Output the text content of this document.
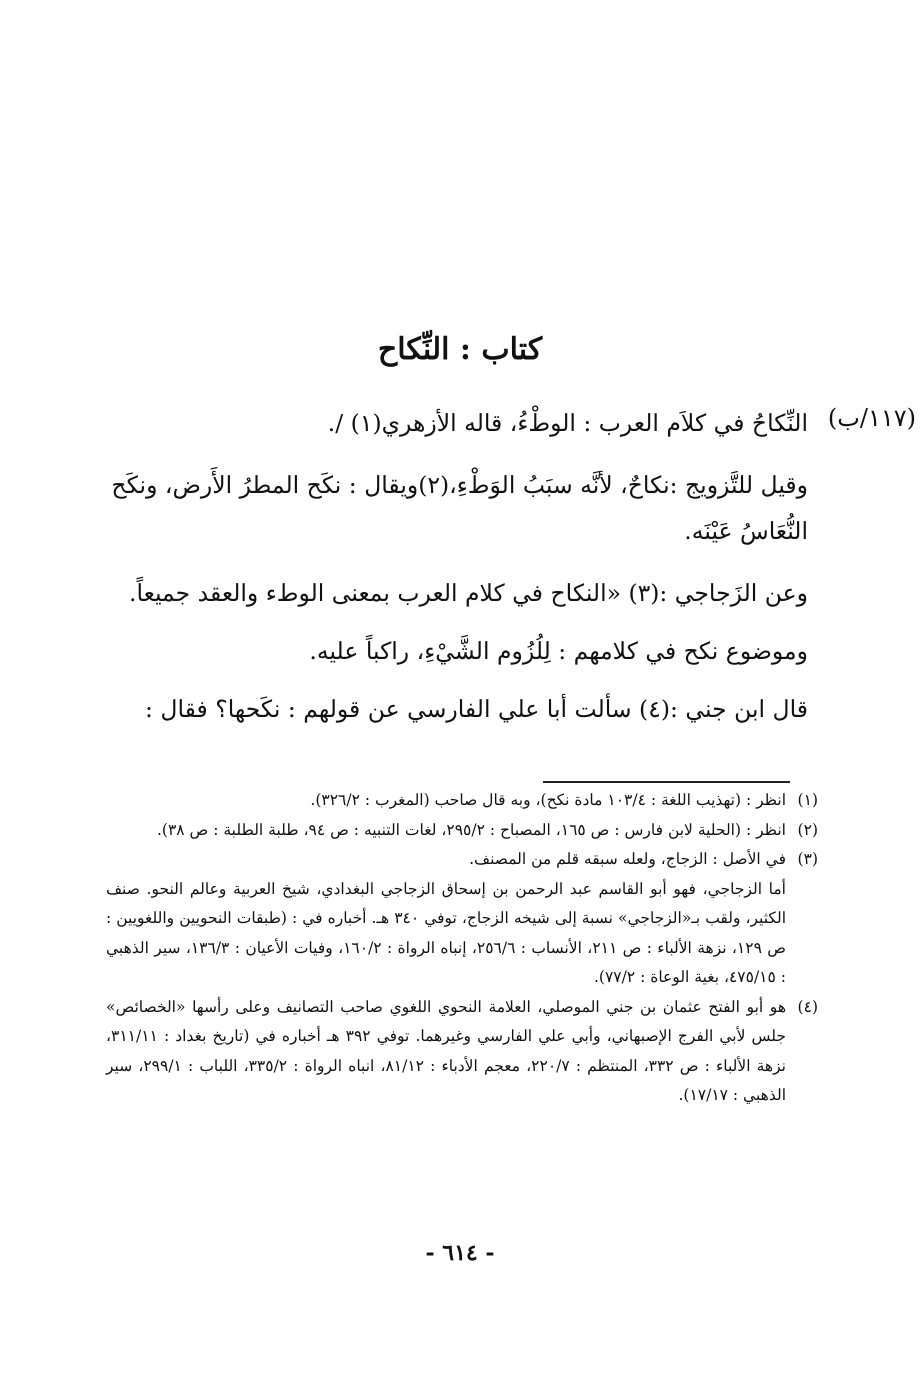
كتاب : النِّكاح
(١١٧/ب)

النِّكاحُ في كلاَم العرب : الوطْءُ، قاله الأزهري(١) /.

وقيل للتَّزويج :نكاحٌ، لأنَّه سبَبُ الوَطْءِ،(٢)ويقال : نكَح المطرُ الأَرض، ونكَح النُّعَاسُ عَيْنَه.

وعن الزَجاجي :(٣) «النكاح في كلام العرب بمعنى الوطء والعقد جميعاً.

وموضوع نكح في كلامهم : لِلُزُوم الشَّيْءِ، راكباً عليه.

قال ابن جني :(٤) سألت أبا علي الفارسي عن قولهم : نكَحها؟ فقال :

(١)

انظر : (تهذيب اللغة : ١٠٣/٤ مادة نكح)، وبه قال صاحب (المغرب : ٣٢٦/٢).

(٢)

انظر : (الحلية لابن فارس : ص ١٦٥، المصباح : ٢٩٥/٢، لغات التنبيه : ص ٩٤، طلبة الطلبة : ص ٣٨).

(٣)

في الأصل : الزجاج، ولعله سبقه قلم من المصنف.

أما الزجاجي، فهو أبو القاسم عبد الرحمن بن إسحاق الزجاجي البغدادي، شيخ العربية وعالم النحو. صنف الكثير، ولقب بـ«الزجاجي» نسبة إلى شيخه الزجاج، توفي ٣٤٠ هـ. أخباره في : (طبقات النحويين واللغويين : ص ١٢٩، نزهة الألباء : ص ٢١١، الأنساب : ٢٥٦/٦، إنباه الرواة : ١٦٠/٢، وفيات الأعيان : ١٣٦/٣، سير الذهبي : ٤٧٥/١٥، بغية الوعاة : ٧٧/٢).

(٤)

هو أبو الفتح عثمان بن جني الموصلي، العلامة النحوي اللغوي صاحب التصانيف وعلى رأسها «الخصائص» جلس لأبي الفرج الإصبهاني، وأبي علي الفارسي وغيرهما. توفي ٣٩٢ هـ أخباره في (تاريخ بغداد : ٣١١/١١، نزهة الألباء : ص ٣٣٢، المنتظم : ٢٢٠/٧، معجم الأدباء : ٨١/١٢، انباه الرواة : ٣٣٥/٢، اللباب : ٢٩٩/١، سير الذهبي : ١٧/١٧).

- ٦١٤ -
